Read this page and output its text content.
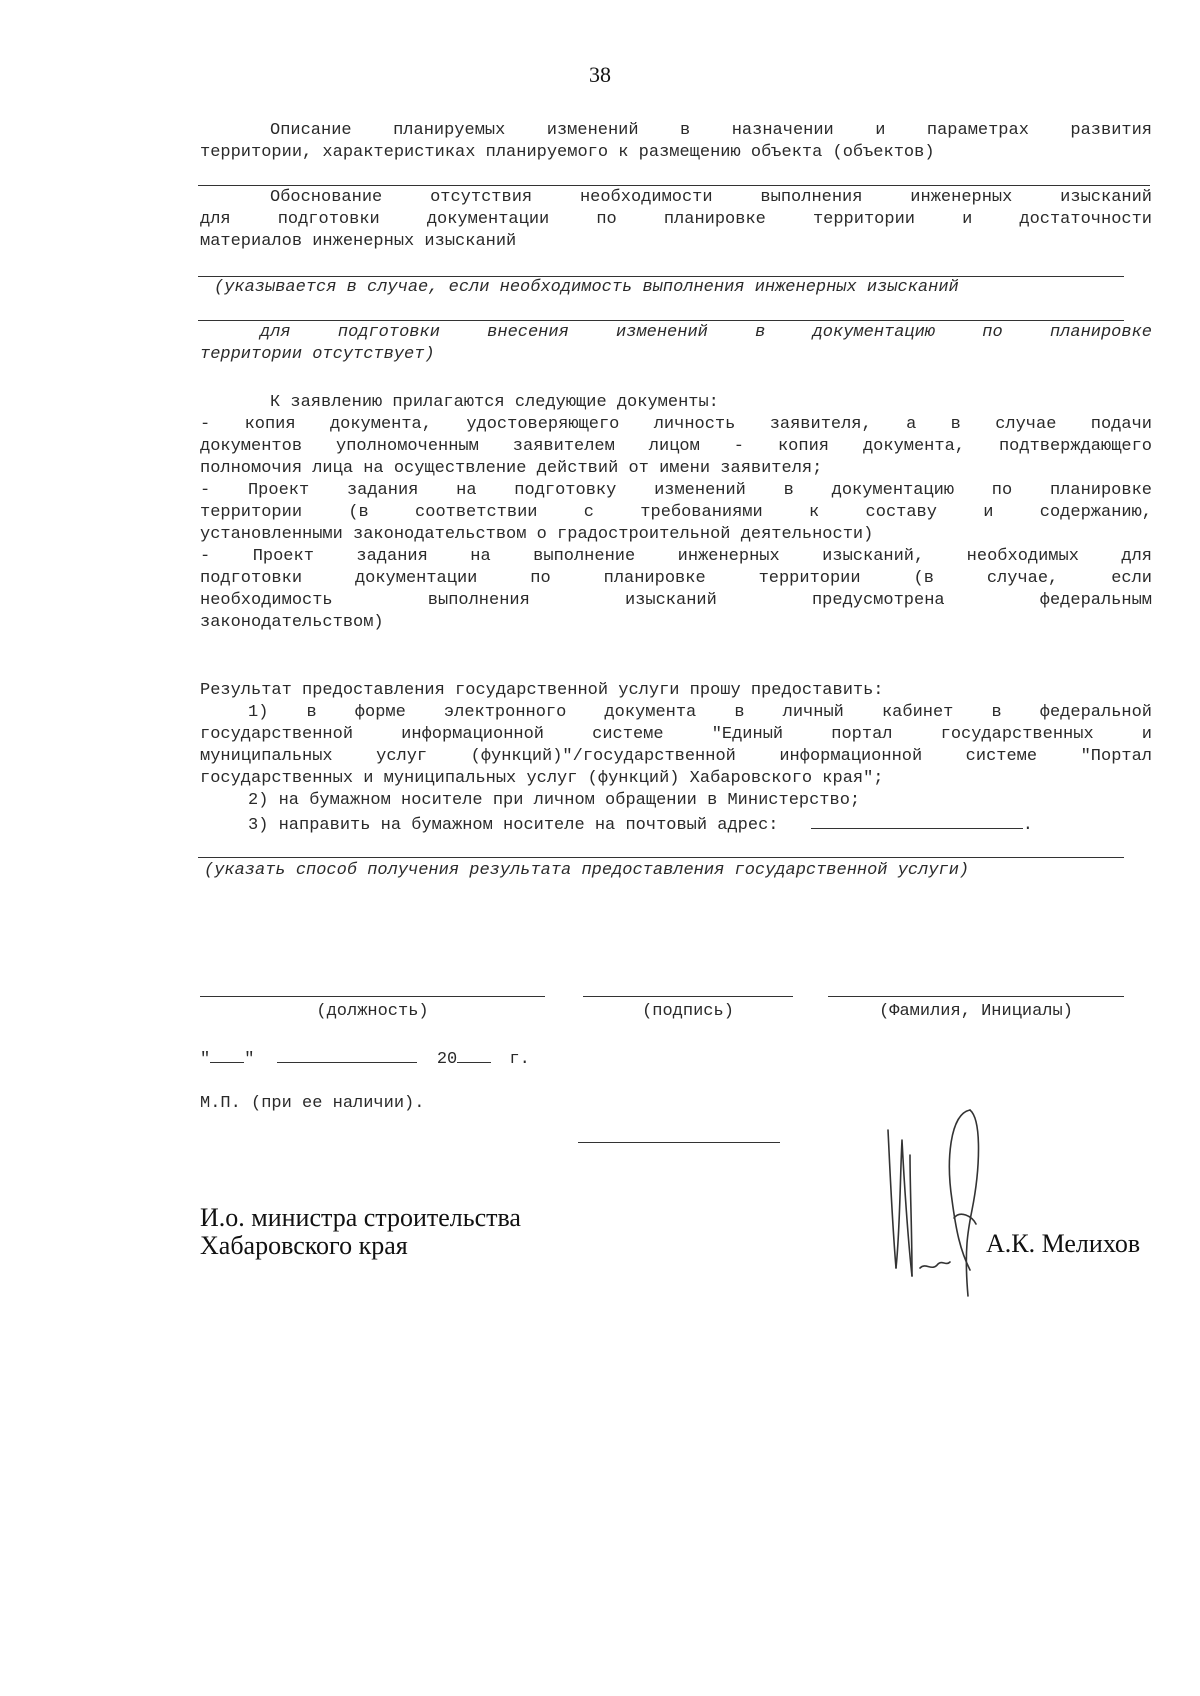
38
Описание планируемых изменений в назначении и параметрах развития
территории, характеристиках планируемого к размещению объекта (объектов)
Обоснование отсутствия необходимости выполнения инженерных изысканий
для подготовки документации по планировке территории и достаточности
материалов инженерных изысканий
(указывается в случае, если необходимость выполнения инженерных изысканий
для подготовки внесения изменений в документацию по планировке
территории отсутствует)
К заявлению прилагаются следующие документы:
- копия документа, удостоверяющего личность заявителя, а в случае подачи
документов уполномоченным заявителем лицом - копия документа, подтверждающего
полномочия лица на осуществление действий от имени заявителя;
- Проект задания на подготовку изменений в документацию по планировке
территории (в соответствии с требованиями к составу и содержанию,
установленными законодательством о градостроительной деятельности)
- Проект задания на выполнение инженерных изысканий, необходимых для
подготовки документации по планировке территории (в случае, если
необходимость выполнения изысканий предусмотрена федеральным
законодательством)
Результат предоставления государственной услуги прошу предоставить:
1) в форме электронного документа в личный кабинет в федеральной
государственной информационной системе "Единый портал государственных и
муниципальных услуг (функций)"/государственной информационной системе "Портал
государственных и муниципальных услуг (функций) Хабаровского края";
2) на бумажном носителе при личном обращении в Министерство;
3) направить на бумажном носителе на почтовый адрес:	.
(указать способ получения результата предоставления государственной услуги)
(должность)	(подпись)	(Фамилия, Инициалы)
" "	20	г.
М.П. (при ее наличии).
И.о. министра строительства
Хабаровского края	А.К. Мелихов
